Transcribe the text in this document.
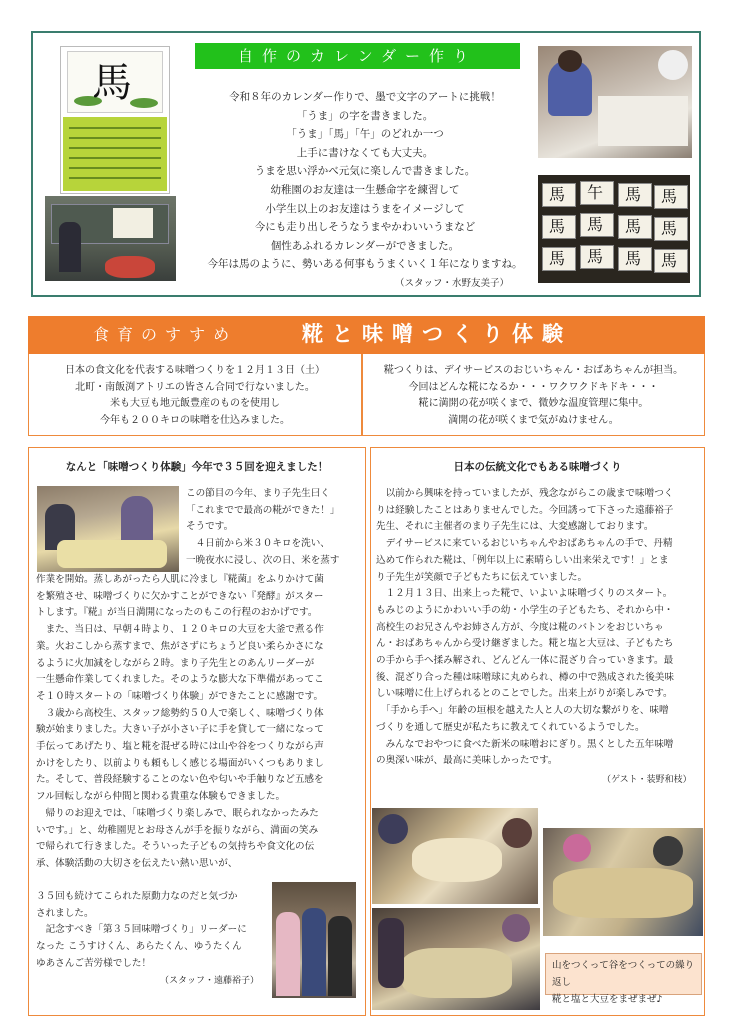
馬
馬 午 馬 馬
馬 馬 馬 馬
馬 馬 馬 馬
自作のカレンダー作り
令和８年のカレンダー作りで、墨で文字のアートに挑戦！
「うま」の字を書きました。
「うま」「馬」「午」のどれか一つ
上手に書けなくても大丈夫。
うまを思い浮かべ元気に楽しんで書きました。
幼稚園のお友達は一生懸命字を練習して
小学生以上のお友達はうまをイメージして
今にも走り出しそうなうまやかわいいうまなど
個性あふれるカレンダーができました。
今年は馬のように、勢いある何事もうまくいく１年になりますね。
（スタッフ・水野友美子）
食育のすすめ	糀と味噌つくり体験
日本の食文化を代表する味噌つくりを１２月１３日（土）
北町・南飯渕アトリエの皆さん合同で行ないました。
米も大豆も地元飯豊産のものを使用し
今年も２００キロの味噌を仕込みました。
糀つくりは、デイサービスのおじいちゃん・おばあちゃんが担当。
今回はどんな糀になるか・・・ワクワクドキドキ・・・
糀に満開の花が咲くまで、微妙な温度管理に集中。
満開の花が咲くまで気がぬけません。
なんと「味噌つくり体験」今年で３５回を迎えました！
この節目の今年、まり子先生曰く
「これまでで最高の糀ができた！」
そうです。
　４日前から米３０キロを洗い、
一晩夜水に浸し、次の日、米を蒸す
作業を開始。蒸しあがったら人肌に冷まし『糀菌』をふりかけて菌
を繁殖させ、味噌づくりに欠かすことができない『発酵』がスター
トします。『糀』が当日満開になったのもこの行程のおかげです。
　また、当日は、早朝４時より、１２０キロの大豆を大釜で煮る作
業。火おこしから蒸すまで、焦がさずにちょうど良い柔らかさにな
るように火加減をしながら２時。まり子先生とのあんリーダーが
一生懸命作業してくれました。そのような膨大な下準備があってこ
そ１０時スタートの「味噌づくり体験」ができたことに感謝です。
　３歳から高校生、スタッフ総勢約５０人で楽しく、味噌づくり体
験が始まりました。大きい子が小さい子に手を貸して一緒になって
手伝ってあげたり、塩と糀を混ぜる時には山や谷をつくりながら声
かけをしたり、以前よりも頼もしく感じる場面がいくつもありまし
た。そして、普段経験することのない色や匂いや手触りなど五感を
フル回転しながら仲間と関わる貴重な体験もできました。
　帰りのお迎えでは、「味噌づくり楽しみで、眠られなかったみた
いです。」と、幼稚園児とお母さんが手を振りながら、満面の笑み
で帰られて行きました。そういった子どもの気持ちや食文化の伝
承、体験活動の大切さを伝えたい熱い思いが、
３５回も続けてこられた原動力なのだと気づか
されました。
　記念すべき「第３５回味噌づくり」リーダーに
なった こうすけくん、あらたくん、ゆうたくん
ゆあさんご苦労様でした！
（スタッフ・遠藤裕子）
日本の伝統文化でもある味噌づくり
　以前から興味を持っていましたが、残念ながらこの歳まで味噌つく
りは経験したことはありませんでした。今回誘って下さった遠藤裕子
先生、それに主催者のまり子先生には、大変感謝しております。
　デイサービスに来ているおじいちゃんやおばあちゃんの手で、丹精
込めて作られた糀は、「例年以上に素晴らしい出来栄えです！」とま
り子先生が笑顔で子どもたちに伝えていました。
　１２月１３日、出来上った糀で、いよいよ味噌づくりのスタート。
もみじのようにかわいい手の幼・小学生の子どもたち、それから中・
高校生のお兄さんやお姉さん方が、今度は糀のバトンをおじいちゃ
ん・おばあちゃんから受け継ぎました。糀と塩と大豆は、子どもたち
の手から手へ揉み解され、どんどん一体に混ざり合っていきます。最
後、混ざり合った種は味噌球に丸められ、樽の中で熟成された後美味
しい味噌に仕上げられるとのことでした。出来上がりが楽しみです。
　「手から手へ」年齢の垣根を越えた人と人の大切な繋がりを、味噌
づくりを通して歴史が私たちに教えてくれているようでした。
　みんなでおやつに食べた新米の味噌おにぎり。黒くとした五年味噌
の奥深い味が、最高に美味しかったです。
（ゲスト・装野和枝）
山をつくって谷をつくっての繰り返し
糀と塩と大豆をまぜまぜ♪
